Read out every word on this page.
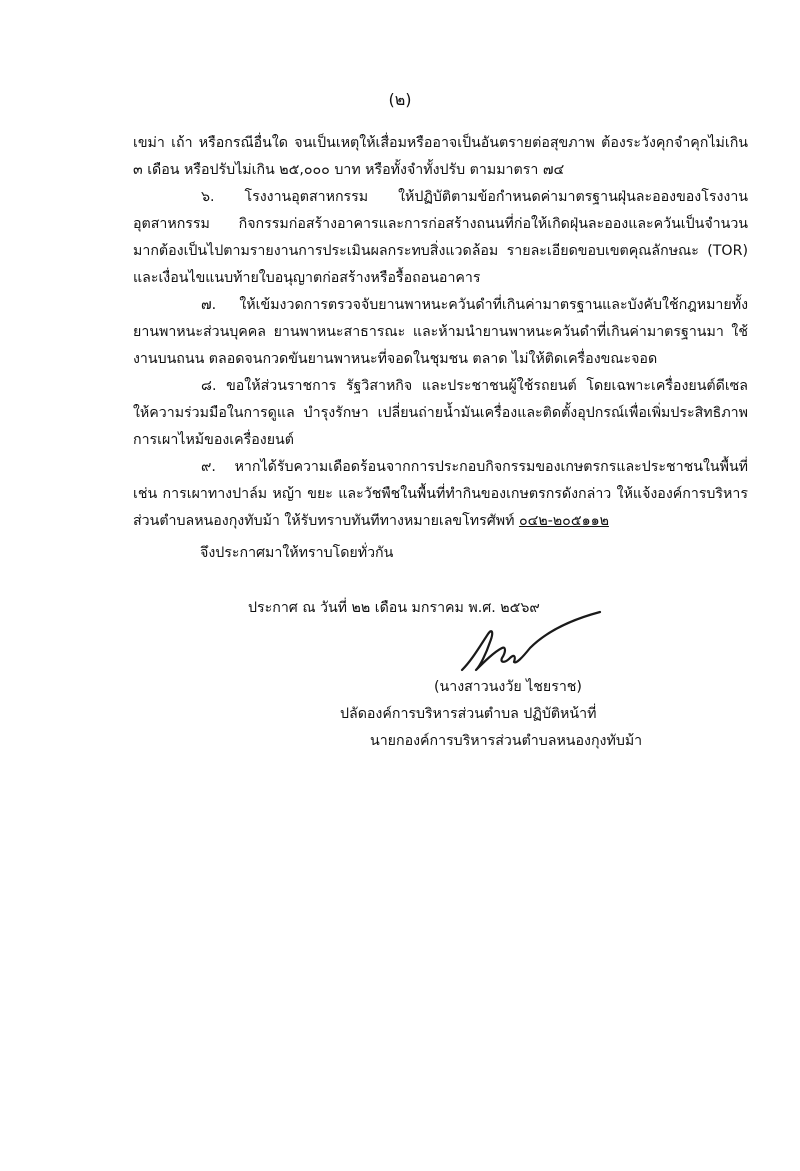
(๒)

เขม่า เถ้า หรือกรณีอื่นใด จนเป็นเหตุให้เสื่อมหรืออาจเป็นอันตรายต่อสุขภาพ ต้องระวังคุกจำคุกไม่เกิน ๓ เดือน หรือปรับไม่เกิน ๒๕,๐๐๐ บาท หรือทั้งจำทั้งปรับ ตามมาตรา ๗๔

๖. โรงงานอุตสาหกรรม ให้ปฏิบัติตามข้อกำหนดค่ามาตรฐานฝุ่นละอองของโรงงานอุตสาหกรรม กิจกรรมก่อสร้างอาคารและการก่อสร้างถนนที่ก่อให้เกิดฝุ่นละอองและควันเป็นจำนวนมากต้องเป็นไปตามรายงานการประเมินผลกระทบสิ่งแวดล้อม รายละเอียดขอบเขตคุณลักษณะ (TOR) และเงื่อนไขแนบท้ายใบอนุญาตก่อสร้างหรือรื้อถอนอาคาร

๗. ให้เข้มงวดการตรวจจับยานพาหนะควันดำที่เกินค่ามาตรฐานและบังคับใช้กฎหมายทั้งยานพาหนะส่วนบุคคล ยานพาหนะสาธารณะ และห้ามนำยานพาหนะควันดำที่เกินค่ามาตรฐานมา ใช้งานบนถนน ตลอดจนกวดขันยานพาหนะที่จอดในชุมชน ตลาด ไม่ให้ติดเครื่องขณะจอด

๘. ขอให้ส่วนราชการ รัฐวิสาหกิจ และประชาชนผู้ใช้รถยนต์ โดยเฉพาะเครื่องยนต์ดีเซล ให้ความร่วมมือในการดูแล บำรุงรักษา เปลี่ยนถ่ายน้ำมันเครื่องและติดตั้งอุปกรณ์เพื่อเพิ่มประสิทธิภาพการเผาไหม้ของเครื่องยนต์

๙. หากได้รับความเดือดร้อนจากการประกอบกิจกรรมของเกษตรกรและประชาชนในพื้นที่ เช่น การเผาทางปาล์ม หญ้า ขยะ และวัชพืชในพื้นที่ทำกินของเกษตรกรดังกล่าว ให้แจ้งองค์การบริหารส่วนตำบลหนองกุงทับม้า ให้รับทราบทันทีทางหมายเลขโทรศัพท์ ๐๔๒-๒๐๕๑๑๒

จึงประกาศมาให้ทราบโดยทั่วกัน
ประกาศ ณ วันที่ ๒๒ เดือน มกราคม พ.ศ. ๒๕๖๙
(นางสาวนงวัย ไชยราช)
ปลัดองค์การบริหารส่วนตำบล ปฏิบัติหน้าที่
นายกองค์การบริหารส่วนตำบลหนองกุงทับม้า
